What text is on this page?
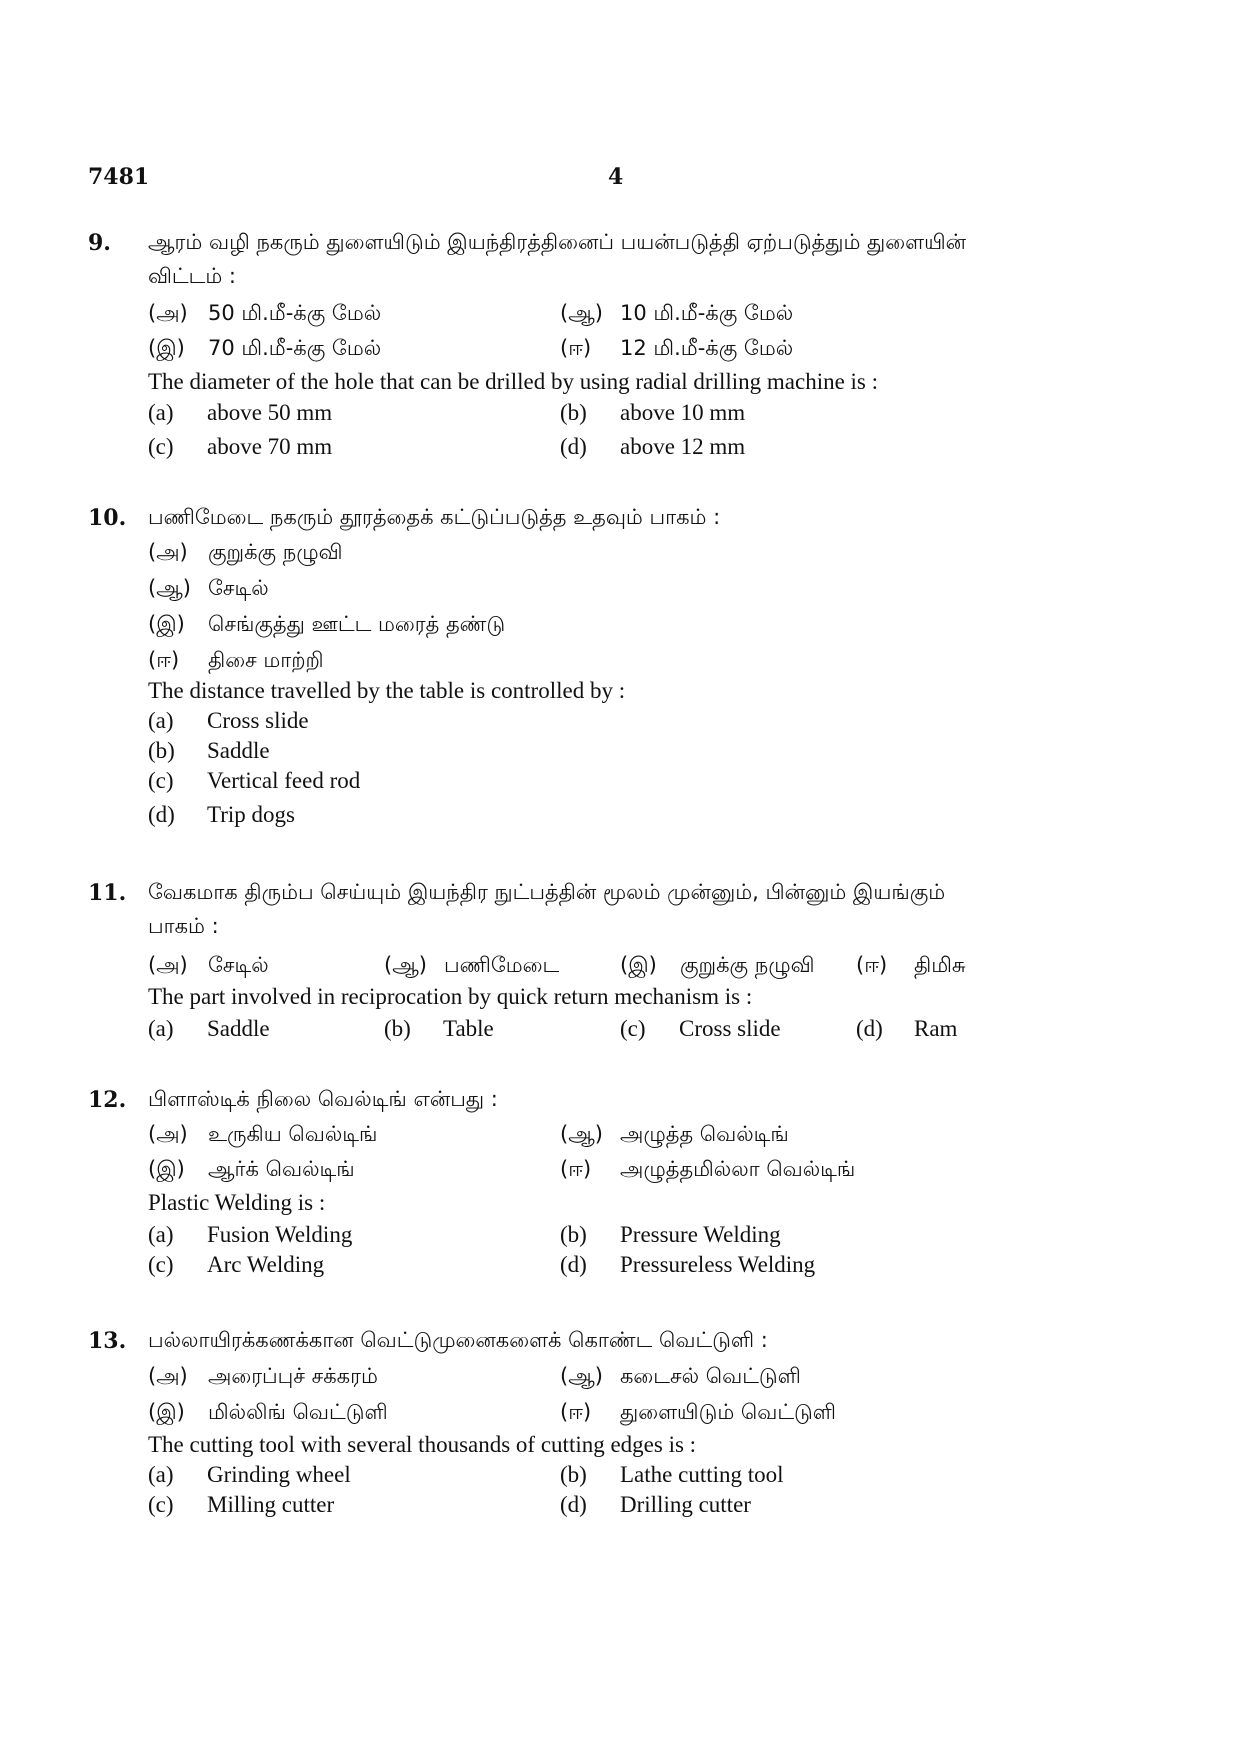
7481	4
9. ஆரம் வழி நகரும் துளையிடும் இயந்திரத்தினைப் பயன்படுத்தி ஏற்படுத்தும் துளையின்
விட்டம் :
(அ) 50 மி.மீ-க்கு மேல்	(ஆ) 10 மி.மீ-க்கு மேல்
(இ) 70 மி.மீ-க்கு மேல்	(ஈ) 12 மி.மீ-க்கு மேல்
The diameter of the hole that can be drilled by using radial drilling machine is :
(a) above 50 mm	(b) above 10 mm
(c) above 70 mm	(d) above 12 mm
10. பணிமேடை நகரும் தூரத்தைக் கட்டுப்படுத்த உதவும் பாகம் :
(அ) குறுக்கு நழுவி
(ஆ) சேடில்
(இ) செங்குத்து ஊட்ட மரைத் தண்டு
(ஈ) திசை மாற்றி
The distance travelled by the table is controlled by :
(a) Cross slide
(b) Saddle
(c) Vertical feed rod
(d) Trip dogs
11. வேகமாக திரும்ப செய்யும் இயந்திர நுட்பத்தின் மூலம் முன்னும், பின்னும் இயங்கும்
பாகம் :
(அ) சேடில்	(ஆ) பணிமேடை	(இ) குறுக்கு நழுவி (ஈ) திமிசு
The part involved in reciprocation by quick return mechanism is :
(a) Saddle	(b) Table	(c) Cross slide	(d) Ram
12. பிளாஸ்டிக் நிலை வெல்டிங் என்பது :
(அ) உருகிய வெல்டிங்	(ஆ) அழுத்த வெல்டிங்
(இ) ஆர்க் வெல்டிங்	(ஈ) அழுத்தமில்லா வெல்டிங்
Plastic Welding is :
(a) Fusion Welding	(b) Pressure Welding
(c) Arc Welding	(d) Pressureless Welding
13. பல்லாயிரக்கணக்கான வெட்டுமுனைகளைக் கொண்ட வெட்டுளி :
(அ) அரைப்புச் சக்கரம்	(ஆ) கடைசல் வெட்டுளி
(இ) மில்லிங் வெட்டுளி	(ஈ) துளையிடும் வெட்டுளி
The cutting tool with several thousands of cutting edges is :
(a) Grinding wheel	(b) Lathe cutting tool
(c) Milling cutter	(d) Drilling cutter
